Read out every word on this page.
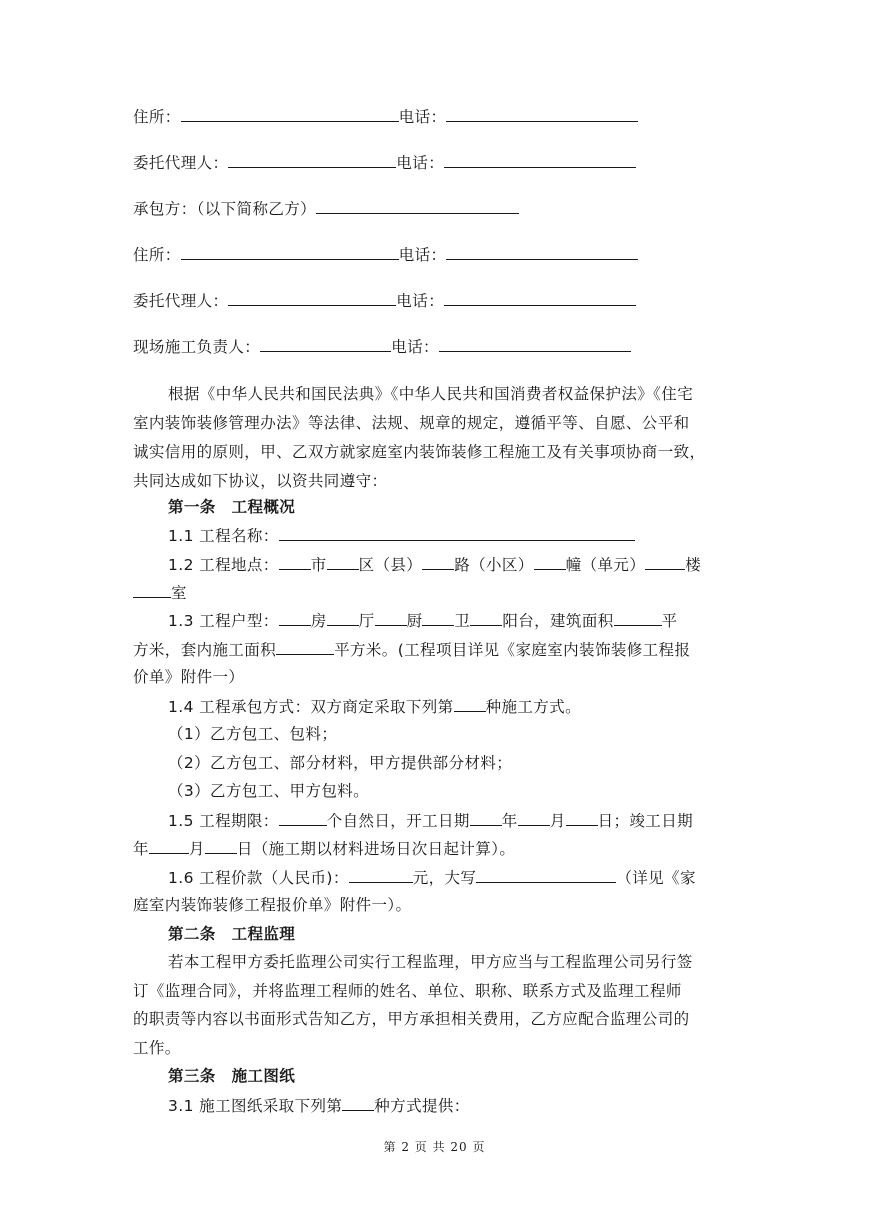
住所：	电话：
委托代理人：	电话：
承包方：（以下简称乙方）
住所：	电话：
委托代理人：	电话：
现场施工负责人：	电话：
根据《中华人民共和国民法典》《中华人民共和国消费者权益保护法》《住宅
室内装饰装修管理办法》等法律、法规、规章的规定，遵循平等、自愿、公平和
诚实信用的原则，甲、乙双方就家庭室内装饰装修工程施工及有关事项协商一致，
共同达成如下协议，以资共同遵守：
第一条　工程概况
1.1 工程名称：
1.2 工程地点： 市 区（县） 路（小区） 幢（单元）	楼
室
1.3 工程户型： 房 厅 厨 卫 阳台，建筑面积	平
方米，套内施工面积	平方米。(工程项目详见《家庭室内装饰装修工程报
价单》附件一）
1.4 工程承包方式：双方商定采取下列第 种施工方式。
（1）乙方包工、包料；
（2）乙方包工、部分材料，甲方提供部分材料；
（3）乙方包工、甲方包料。
1.5 工程期限：	个自然日，开工日期 年 月 日；竣工日期
年	月 日（施工期以材料进场日次日起计算）。
1.6 工程价款（人民币)：	元，大写	（详见《家
庭室内装饰装修工程报价单》附件一）。
第二条　工程监理
若本工程甲方委托监理公司实行工程监理，甲方应当与工程监理公司另行签
订《监理合同》，并将监理工程师的姓名、单位、职称、联系方式及监理工程师
的职责等内容以书面形式告知乙方，甲方承担相关费用，乙方应配合监理公司的
工作。
第三条　施工图纸
3.1 施工图纸采取下列第 种方式提供：
第 2 页 共 20 页
